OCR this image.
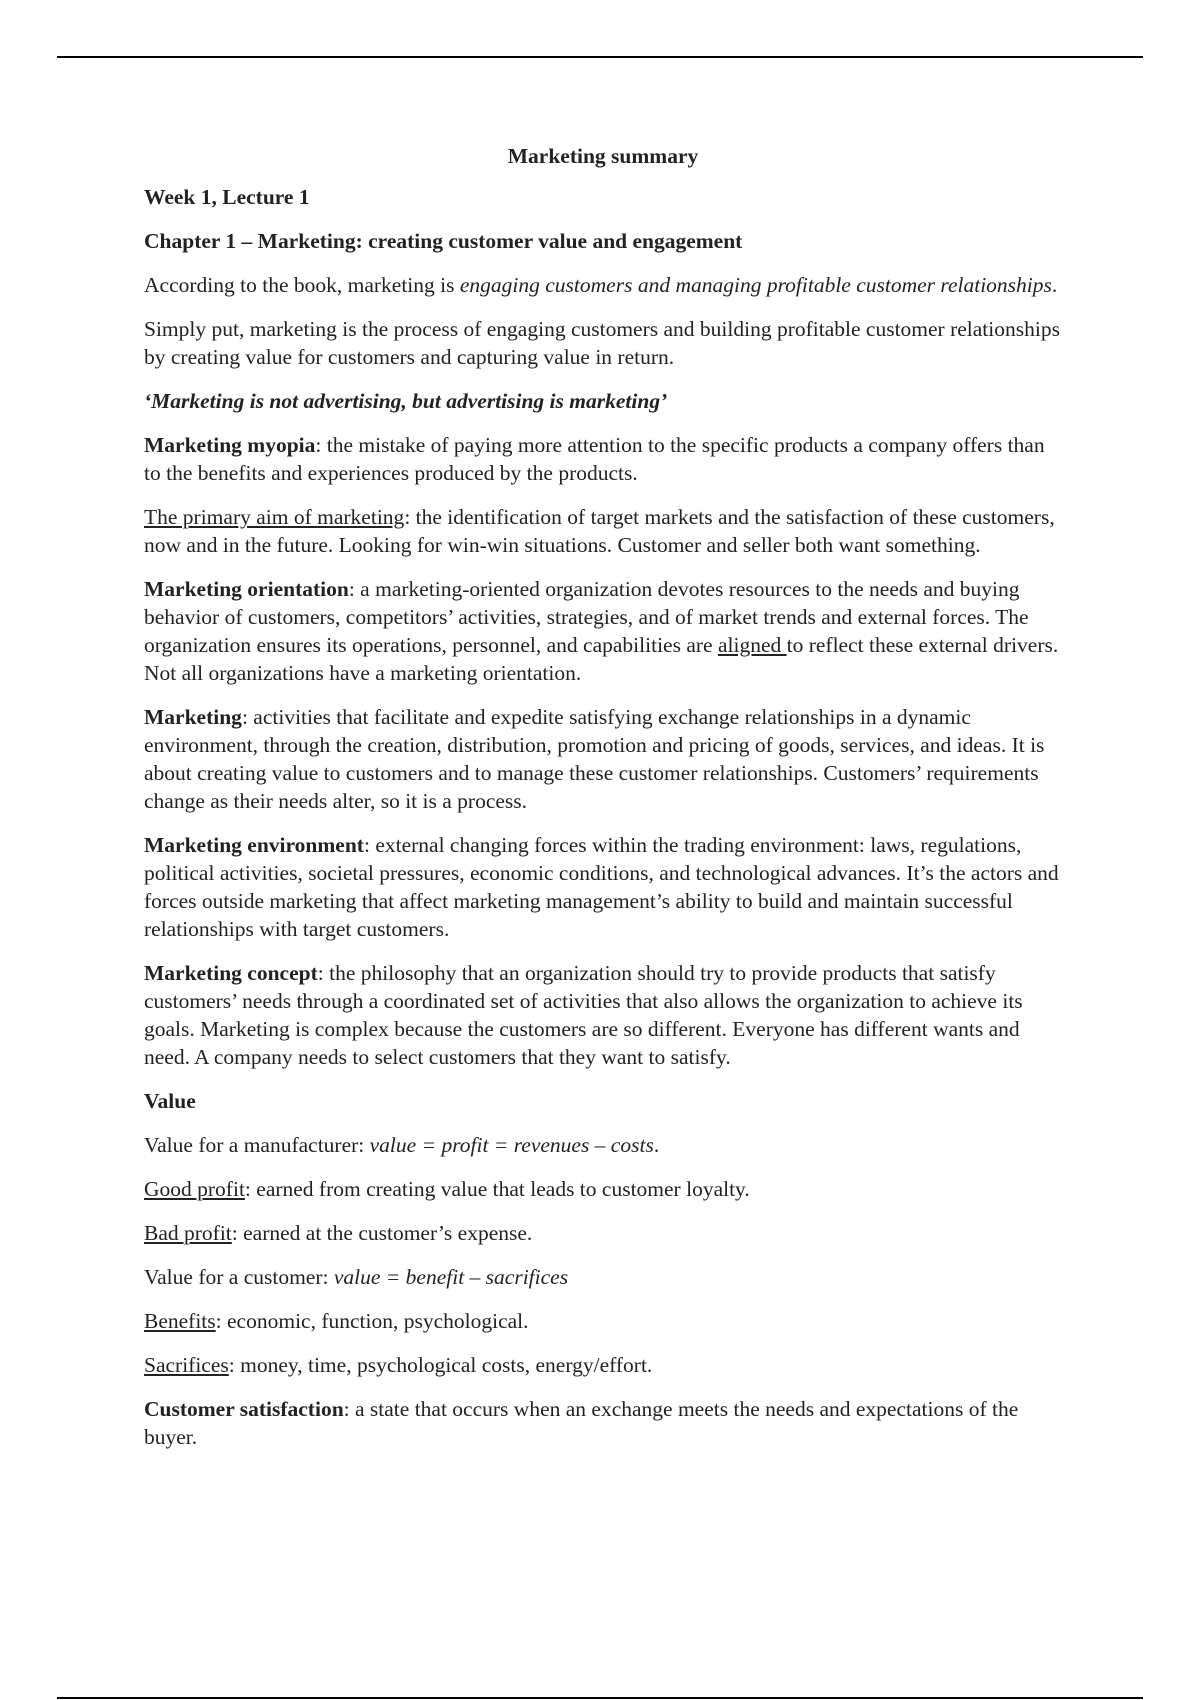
Marketing summary

Week 1, Lecture 1

Chapter 1 – Marketing: creating customer value and engagement

According to the book, marketing is engaging customers and managing profitable customer relationships.

Simply put, marketing is the process of engaging customers and building profitable customer relationships by creating value for customers and capturing value in return.

‘Marketing is not advertising, but advertising is marketing’

Marketing myopia: the mistake of paying more attention to the specific products a company offers than to the benefits and experiences produced by the products.

The primary aim of marketing: the identification of target markets and the satisfaction of these customers, now and in the future. Looking for win-win situations. Customer and seller both want something.

Marketing orientation: a marketing-oriented organization devotes resources to the needs and buying behavior of customers, competitors’ activities, strategies, and of market trends and external forces. The organization ensures its operations, personnel, and capabilities are aligned to reflect these external drivers. Not all organizations have a marketing orientation.

Marketing: activities that facilitate and expedite satisfying exchange relationships in a dynamic environment, through the creation, distribution, promotion and pricing of goods, services, and ideas. It is about creating value to customers and to manage these customer relationships. Customers’ requirements change as their needs alter, so it is a process.

Marketing environment: external changing forces within the trading environment: laws, regulations, political activities, societal pressures, economic conditions, and technological advances. It’s the actors and forces outside marketing that affect marketing management’s ability to build and maintain successful relationships with target customers.

Marketing concept: the philosophy that an organization should try to provide products that satisfy customers’ needs through a coordinated set of activities that also allows the organization to achieve its goals. Marketing is complex because the customers are so different. Everyone has different wants and need. A company needs to select customers that they want to satisfy.

Value

Value for a manufacturer: value = profit = revenues – costs.

Good profit: earned from creating value that leads to customer loyalty.

Bad profit: earned at the customer’s expense.

Value for a customer: value = benefit – sacrifices

Benefits: economic, function, psychological.

Sacrifices: money, time, psychological costs, energy/effort.

Customer satisfaction: a state that occurs when an exchange meets the needs and expectations of the buyer.
